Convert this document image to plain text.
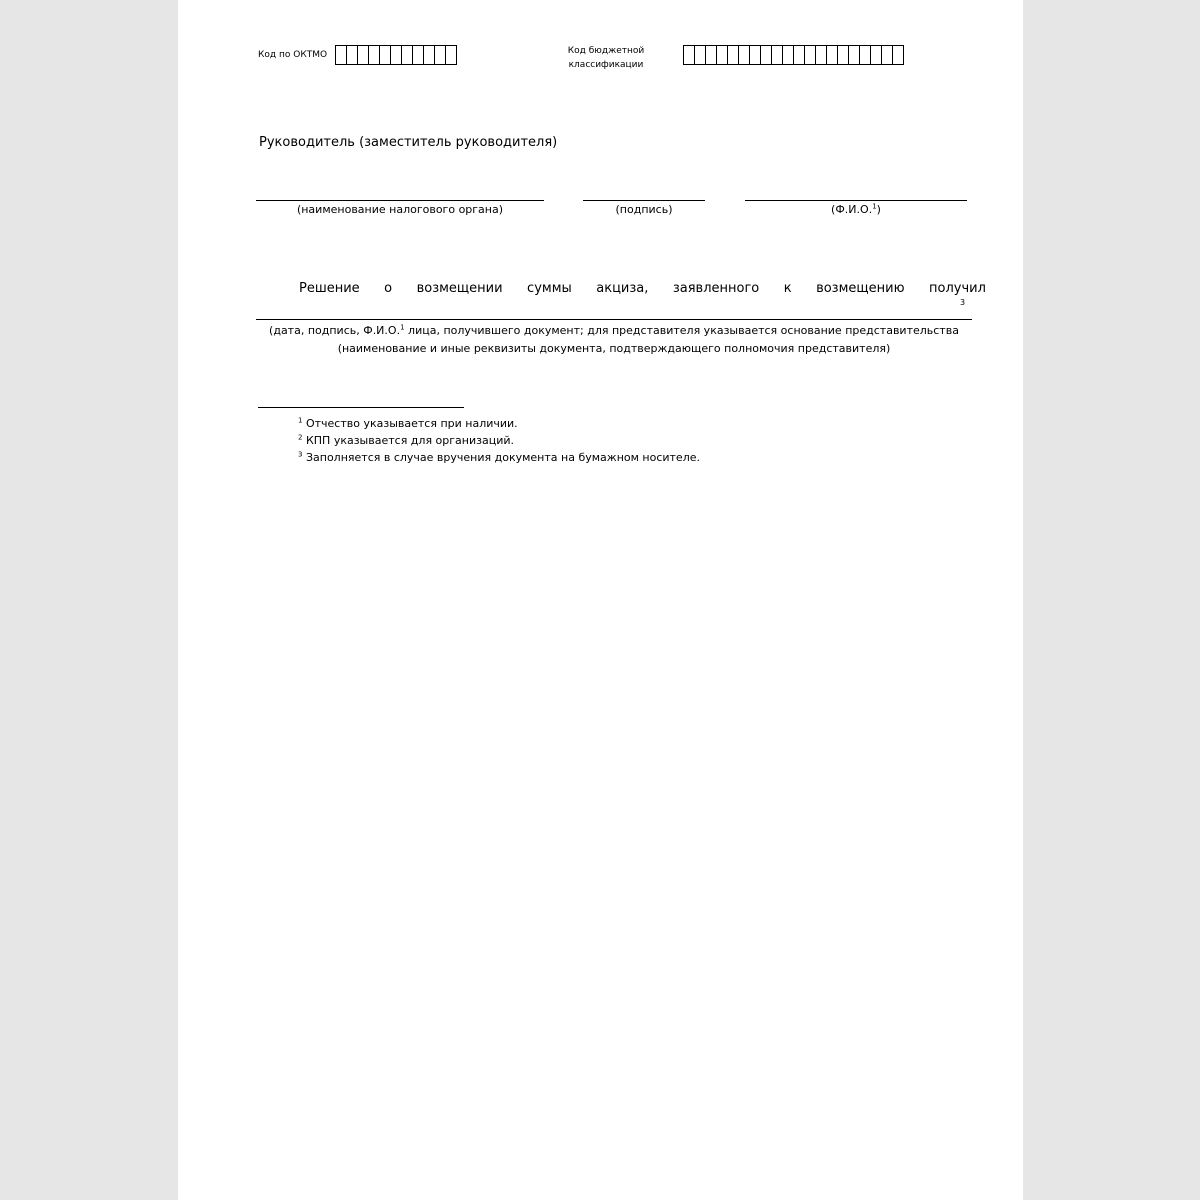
Код по ОКТМО	Код бюджетной
классификации
Руководитель (заместитель руководителя)
(наименование налогового органа)	(подпись)	(Ф.И.О.$^1$)
Решение о возмещении суммы акциза, заявленного к возмещению получил
3
(дата, подпись, Ф.И.О.$^1$ лица, получившего документ; для представителя указывается основание представительства
(наименование и иные реквизиты документа, подтверждающего полномочия представителя)
$^1$ Отчество указывается при наличии.
$^2$ КПП указывается для организаций.
$^3$ Заполняется в случае вручения документа на бумажном носителе.
